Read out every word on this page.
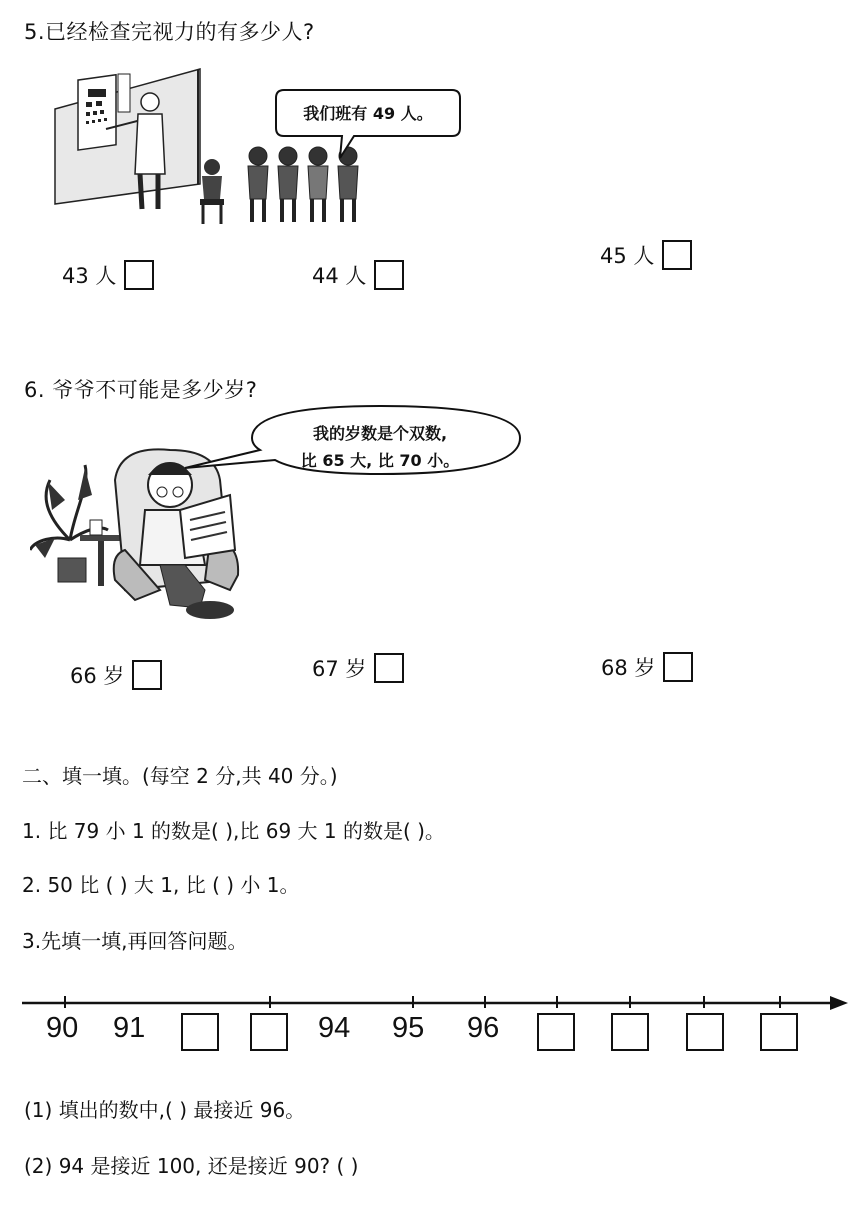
5.已经检查完视力的有多少人?
我们班有 49 人。
43 人	44 人
45 人
6. 爷爷不可能是多少岁?
我的岁数是个双数,
比 65 大, 比 70 小。
66 岁	67 岁	68 岁
二、填一填。(每空 2 分,共 40 分。)
1. 比 79 小 1 的数是( ),比 69 大 1 的数是( )。
2. 50 比 ( ) 大 1, 比 ( ) 小 1。
3.先填一填,再回答问题。
90 91	94 95 96
(1) 填出的数中,( ) 最接近 96。
(2) 94 是接近 100, 还是接近 90? ( )
